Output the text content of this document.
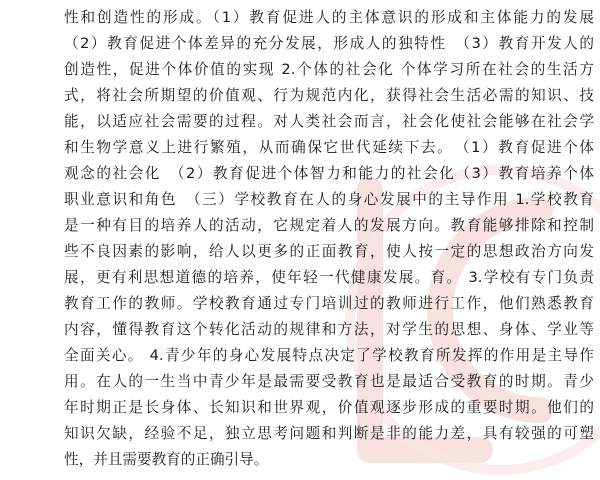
性和创造性的形成。（1）教育促进人的主体意识的形成和主体能力的发展
（2）教育促进个体差异的充分发展，形成人的独特性　（3）教育开发人的
创造性，促进个体价值的实现 2.个体的社会化 个体学习所在社会的生活方
式，将社会所期望的价值观、行为规范内化，获得社会生活必需的知识、技
能，以适应社会需要的过程。对人类社会而言，社会化使社会能够在社会学
和生物学意义上进行繁殖，从而确保它世代延续下去。　（1）教育促进个体
观念的社会化　（2）教育促进个体智力和能力的社会化（3）教育培养个体
职业意识和角色　（三）学校教育在人的身心发展中的主导作用 1.学校教育
是一种有目的培养人的活动，它规定着人的发展方向。教育能够排除和控制
些不良因素的影响，给人以更多的正面教育，使人按一定的思想政治方向发
展，更有利思想道德的培养，使年轻一代健康发展。育。 3.学校有专门负责
教育工作的教师。学校教育通过专门培训过的教师进行工作，他们熟悉教育
内容，懂得教育这个转化活动的规律和方法，对学生的思想、身体、学业等
全面关心。 4.青少年的身心发展特点决定了学校教育所发挥的作用是主导作
用。在人的一生当中青少年是最需要受教育也是最适合受教育的时期。青少
年时期正是长身体、长知识和世界观，价值观逐步形成的重要时期。他们的
知识欠缺，经验不足，独立思考问题和判断是非的能力差，具有较强的可塑
性，并且需要教育的正确引导。
